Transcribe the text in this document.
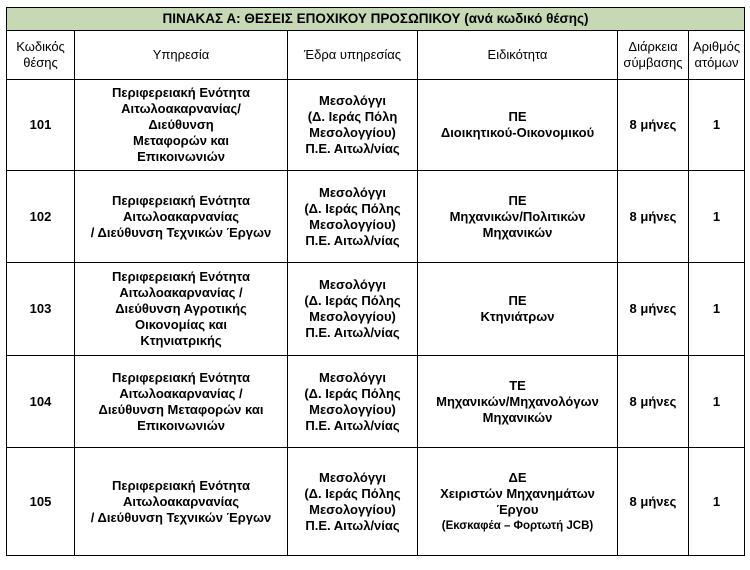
ΠΙΝΑΚΑΣ Α: ΘΕΣΕΙΣ ΕΠΟΧΙΚΟΥ ΠΡΟΣΩΠΙΚΟΥ (ανά κωδικό θέσης)					

Κωδικός
θέσης	Υπηρεσία	Έδρα υπηρεσίας	Ειδικότητα	Διάρκεια
σύμβασης	Αριθμός
ατόμων

101	Περιφερειακή Ενότητα
Αιτωλοακαρνανίας/
Διεύθυνση
Μεταφορών και
Επικοινωνιών	Μεσολόγγι
(Δ. Ιεράς Πόλη
Μεσολογγίου)
Π.Ε. Αιτωλ/νίας	ΠΕ
Διοικητικού-Οικονομικού	8 μήνες	1
102	Περιφερειακή Ενότητα
Αιτωλοακαρνανίας
/ Διεύθυνση Τεχνικών Έργων	Μεσολόγγι
(Δ. Ιεράς Πόλης
Μεσολογγίου)
Π.Ε. Αιτωλ/νίας	ΠΕ
Μηχανικών/Πολιτικών
Μηχανικών	8 μήνες	1
103	Περιφερειακή Ενότητα
Αιτωλοακαρνανίας /
Διεύθυνση Αγροτικής
Οικονομίας και
Κτηνιατρικής	Μεσολόγγι
(Δ. Ιεράς Πόλης
Μεσολογγίου)
Π.Ε. Αιτωλ/νίας	ΠΕ
Κτηνιάτρων	8 μήνες	1
104	Περιφερειακή Ενότητα
Αιτωλοακαρνανίας /
Διεύθυνση Μεταφορών και
Επικοινωνιών	Μεσολόγγι
(Δ. Ιεράς Πόλης
Μεσολογγίου)
Π.Ε. Αιτωλ/νίας	ΤΕ
Μηχανικών/Μηχανολόγων
Μηχανικών	8 μήνες	1
105	Περιφερειακή Ενότητα
Αιτωλοακαρνανίας
/ Διεύθυνση Τεχνικών Έργων	Μεσολόγγι
(Δ. Ιεράς Πόλης
Μεσολογγίου)
Π.Ε. Αιτωλ/νίας	ΔΕ
Χειριστών Μηχανημάτων
Έργου
(Εκσκαφέα – Φορτωτή JCB)	8 μήνες	1
